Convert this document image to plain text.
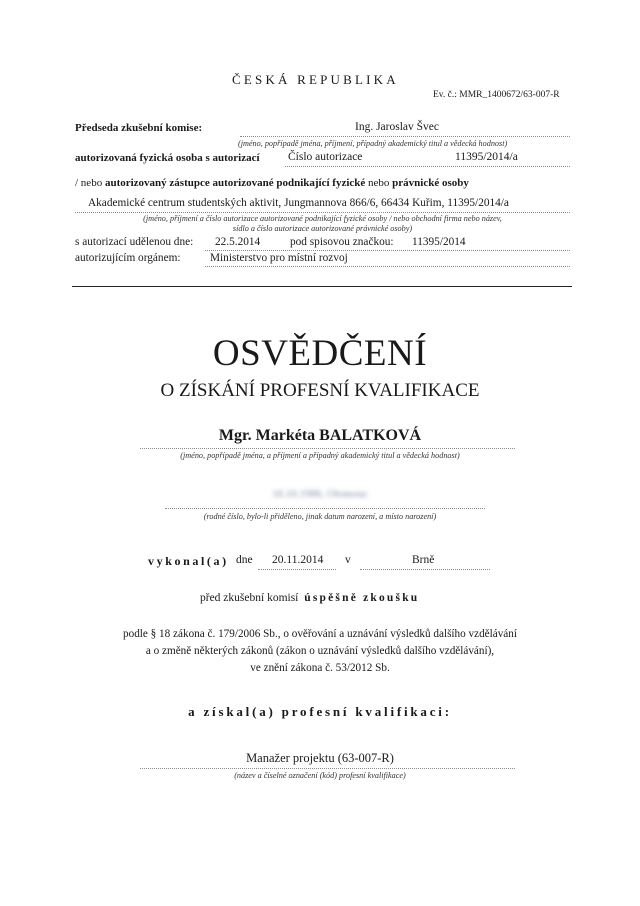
ČESKÁ REPUBLIKA
Ev. č.: MMR_1400672/63-007-R
Předseda zkušební komise:	Ing. Jaroslav Švec
(jméno, popřípadě jména, příjmení, případný akademický titul a vědecká hodnost)
autorizovaná fyzická osoba s autorizací Číslo autorizace	11395/2014/a
/ nebo autorizovaný zástupce autorizované podnikající fyzické nebo právnické osoby
Akademické centrum studentských aktivit, Jungmannova 866/6, 66434 Kuřim, 11395/2014/a
(jméno, příjmení a číslo autorizace autorizované podnikající fyzické osoby / nebo obchodní firma nebo název,
sídlo a číslo autorizace autorizované právnické osoby)
s autorizací udělenou dne: 22.5.2014	pod spisovou značkou: 11395/2014
autorizujícím orgánem:	Ministerstvo pro místní rozvoj
OSVĚDČENÍ
O ZÍSKÁNÍ PROFESNÍ KVALIFIKACE
Mgr. Markéta BALATKOVÁ
(jméno, popřípadě jména, a příjmení a případný akademický titul a vědecká hodnost)
16.10.1986, Olomouc
(rodné číslo, bylo-li přiděleno, jinak datum narození, a místo narození)
vykonal(a) dne 20.11.2014 v	Brně
před zkušební komisí úspěšně zkoušku
podle § 18 zákona č. 179/2006 Sb., o ověřování a uznávání výsledků dalšího vzdělávání
a o změně některých zákonů (zákon o uznávání výsledků dalšího vzdělávání),
ve znění zákona č. 53/2012 Sb.
a získal(a) profesní kvalifikaci:
Manažer projektu (63-007-R)
(název a číselné označení (kód) profesní kvalifikace)
